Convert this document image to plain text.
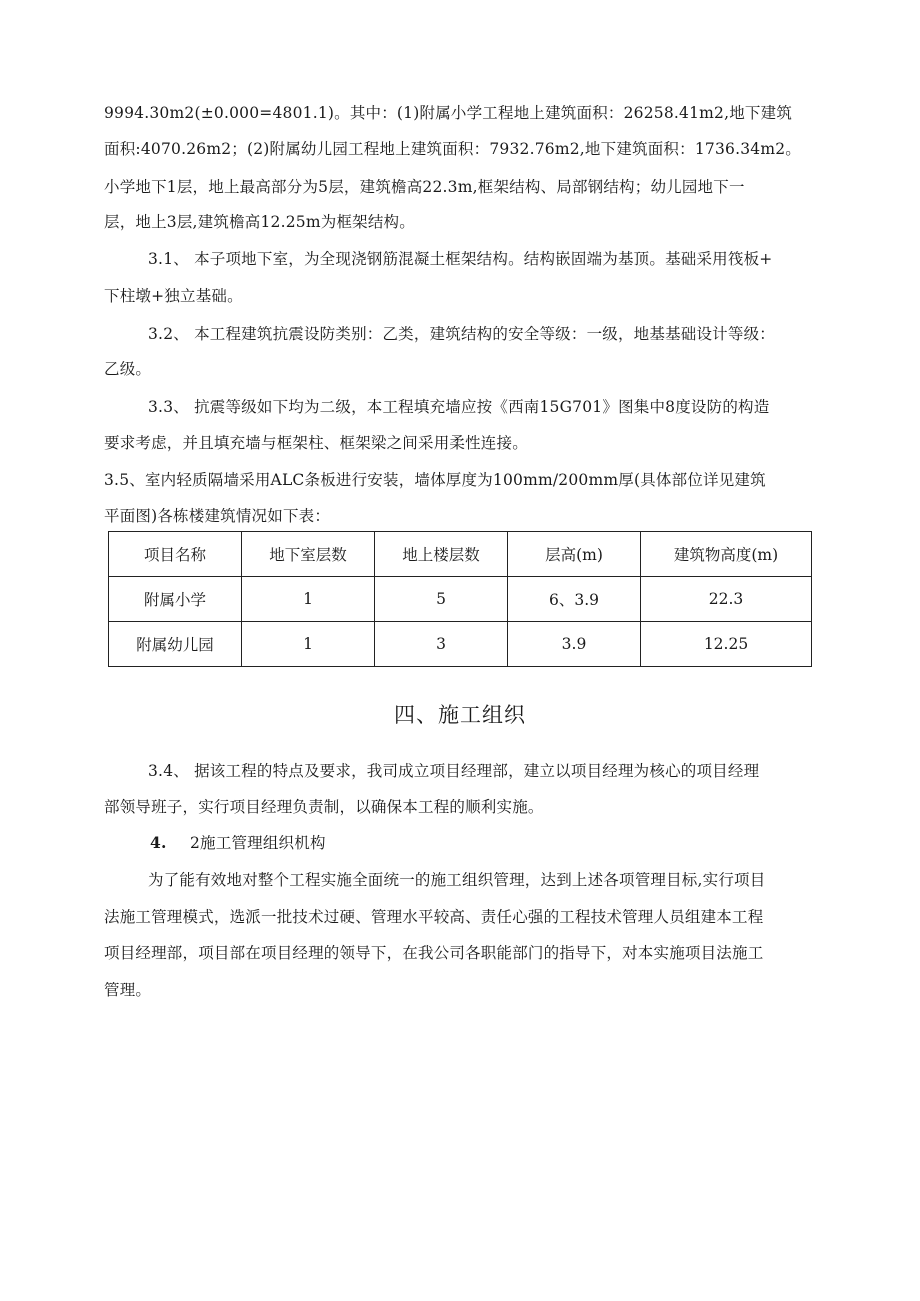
9994.30m2(±0.000=4801.1)。其中：(1)附属小学工程地上建筑面积：26258.41m2,地下建筑
面积:4070.26m2；(2)附属幼儿园工程地上建筑面积：7932.76m2,地下建筑面积：1736.34m2。
小学地下1层，地上最高部分为5层，建筑檐高22.3m,框架结构、局部钢结构；幼儿园地下一
层，地上3层,建筑檐高12.25m为框架结构。
3.1、 本子项地下室，为全现浇钢筋混凝土框架结构。结构嵌固端为基顶。基础采用筏板+
下柱墩+独立基础。
3.2、 本工程建筑抗震设防类别：乙类，建筑结构的安全等级：一级，地基基础设计等级：
乙级。
3.3、 抗震等级如下均为二级，本工程填充墙应按《西南15G701》图集中8度设防的构造
要求考虑，并且填充墙与框架柱、框架梁之间采用柔性连接。
3.5、室内轻质隔墙采用ALC条板进行安装，墙体厚度为100mm/200mm厚(具体部位详见建筑
平面图)各栋楼建筑情况如下表：
项目名称	地下室层数	地上楼层数	层高(m)	建筑物高度(m)
附属小学	1	5	6、3.9	22.3
附属幼儿园	1	3	3.9	12.25
四、施工组织
3.4、 据该工程的特点及要求，我司成立项目经理部，建立以项目经理为核心的项目经理
部领导班子，实行项目经理负责制，以确保本工程的顺利实施。
4. 2施工管理组织机构
为了能有效地对整个工程实施全面统一的施工组织管理，达到上述各项管理目标,实行项目
法施工管理模式，选派一批技术过硬、管理水平较高、责任心强的工程技术管理人员组建本工程
项目经理部，项目部在项目经理的领导下，在我公司各职能部门的指导下，对本实施项目法施工
管理。
